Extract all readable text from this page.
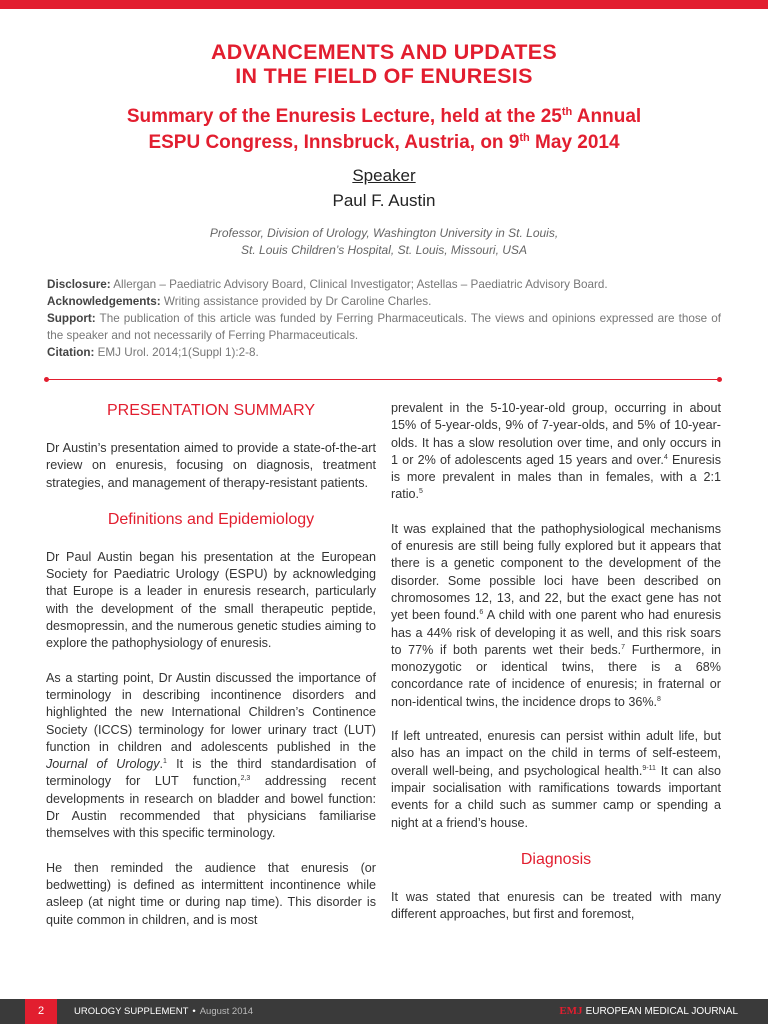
ADVANCEMENTS AND UPDATES
IN THE FIELD OF ENURESIS
Summary of the Enuresis Lecture, held at the 25th Annual
ESPU Congress, Innsbruck, Austria, on 9th May 2014
Speaker
Paul F. Austin
Professor, Division of Urology, Washington University in St. Louis,
St. Louis Children’s Hospital, St. Louis, Missouri, USA

Disclosure: Allergan – Paediatric Advisory Board, Clinical Investigator; Astellas – Paediatric Advisory Board.

Acknowledgements: Writing assistance provided by Dr Caroline Charles.

Support: The publication of this article was funded by Ferring Pharmaceuticals. The views and opinions expressed are those of the speaker and not necessarily of Ferring Pharmaceuticals.

Citation: EMJ Urol. 2014;1(Suppl 1):2-8.

PRESENTATION SUMMARY

Dr Austin’s presentation aimed to provide a state-of-the-art review on enuresis, focusing on diagnosis, treatment strategies, and management of therapy-resistant patients.

Definitions and Epidemiology

Dr Paul Austin began his presentation at the European Society for Paediatric Urology (ESPU) by acknowledging that Europe is a leader in enuresis research, particularly with the development of the small therapeutic peptide, desmopressin, and the numerous genetic studies aiming to explore the pathophysiology of enuresis.

As a starting point, Dr Austin discussed the importance of terminology in describing incontinence disorders and highlighted the new International Children’s Continence Society (ICCS) terminology for lower urinary tract (LUT) function in children and adolescents published in the Journal of Urology.$^1$ It is the third standardisation of terminology for LUT function,$^{2,3}$ addressing recent developments in research on bladder and bowel function: Dr Austin recommended that physicians familiarise themselves with this specific terminology.

He then reminded the audience that enuresis (or bedwetting) is defined as intermittent incontinence while asleep (at night time or during nap time). This disorder is quite common in children, and is most

prevalent in the 5-10-year-old group, occurring in about 15% of 5-year-olds, 9% of 7-year-olds, and 5% of 10-year-olds. It has a slow resolution over time, and only occurs in 1 or 2% of adolescents aged 15 years and over.$^4$ Enuresis is more prevalent in males than in females, with a 2:1 ratio.$^5$

It was explained that the pathophysiological mechanisms of enuresis are still being fully explored but it appears that there is a genetic component to the development of the disorder. Some possible loci have been described on chromosomes 12, 13, and 22, but the exact gene has not yet been found.$^6$ A child with one parent who had enuresis has a 44% risk of developing it as well, and this risk soars to 77% if both parents wet their beds.$^7$ Furthermore, in monozygotic or identical twins, there is a 68% concordance rate of incidence of enuresis; in fraternal or non-identical twins, the incidence drops to 36%.$^8$

If left untreated, enuresis can persist within adult life, but also has an impact on the child in terms of self-esteem, overall well-being, and psychological health.$^{9-11}$ It can also impair socialisation with ramifications towards important events for a child such as summer camp or spending a night at a friend’s house.

Diagnosis

It was stated that enuresis can be treated with many different approaches, but first and foremost,

2	UROLOGY SUPPLEMENT • August 2014	EMJ EUROPEAN MEDICAL JOURNAL
